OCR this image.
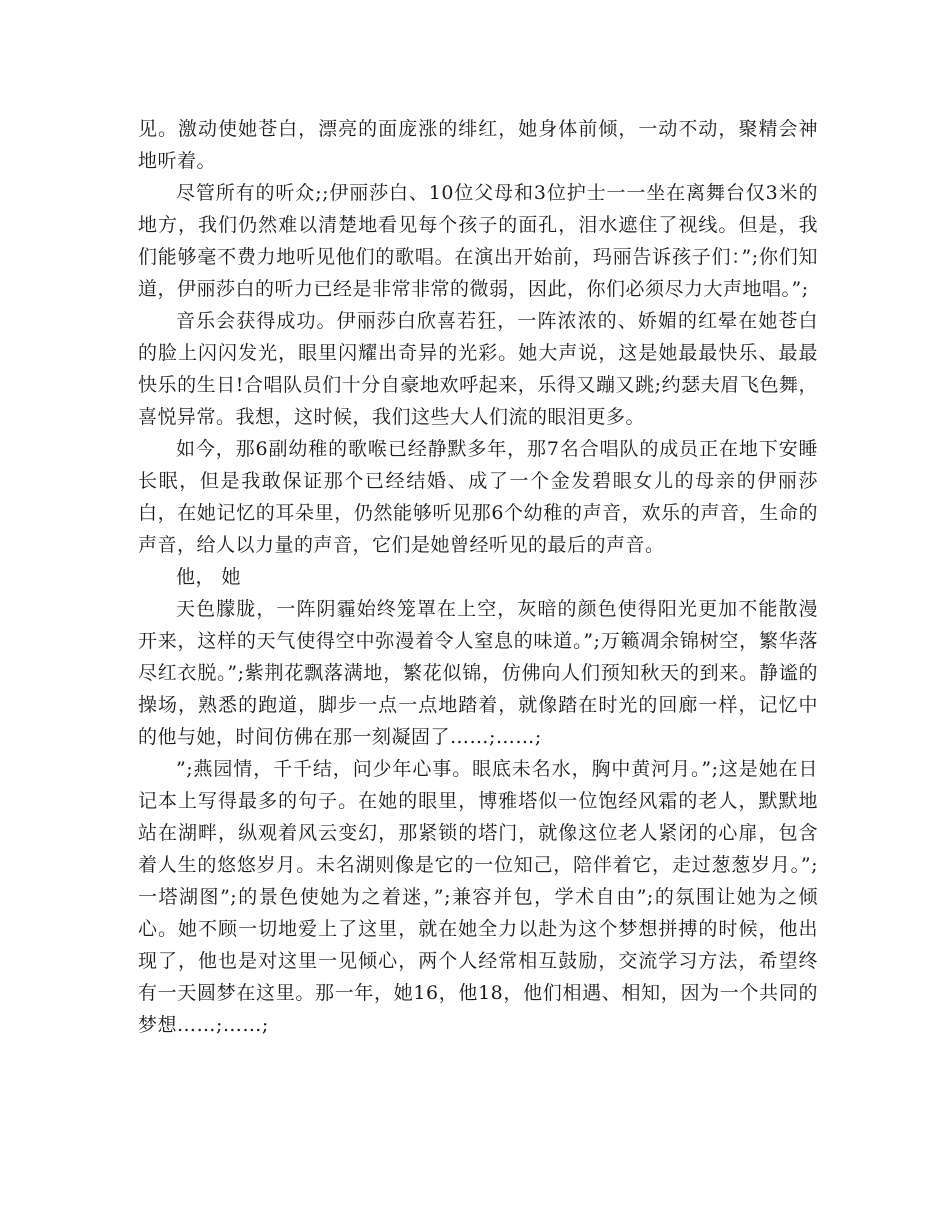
见。激动使她苍白，漂亮的面庞涨的绯红，她身体前倾，一动不动，聚精会神地听着。

尽管所有的听众;;伊丽莎白、10位父母和3位护士一一坐在离舞台仅3米的地方，我们仍然难以清楚地看见每个孩子的面孔，泪水遮住了视线。但是，我们能够毫不费力地听见他们的歌唱。在演出开始前，玛丽告诉孩子们：”;你们知道，伊丽莎白的听力已经是非常非常的微弱，因此，你们必须尽力大声地唱。”;

音乐会获得成功。伊丽莎白欣喜若狂，一阵浓浓的、娇媚的红晕在她苍白的脸上闪闪发光，眼里闪耀出奇异的光彩。她大声说，这是她最最快乐、最最快乐的生日!合唱队员们十分自豪地欢呼起来，乐得又蹦又跳;约瑟夫眉飞色舞，喜悦异常。我想，这时候，我们这些大人们流的眼泪更多。

如今，那6副幼稚的歌喉已经静默多年，那7名合唱队的成员正在地下安睡长眠，但是我敢保证那个已经结婚、成了一个金发碧眼女儿的母亲的伊丽莎白，在她记忆的耳朵里，仍然能够听见那6个幼稚的声音，欢乐的声音，生命的声音，给人以力量的声音，它们是她曾经听见的最后的声音。

他， 她

天色朦胧，一阵阴霾始终笼罩在上空，灰暗的颜色使得阳光更加不能散漫开来，这样的天气使得空中弥漫着令人窒息的味道。”;万籁凋余锦树空，繁华落尽红衣脱。”;紫荆花飘落满地，繁花似锦，仿佛向人们预知秋天的到来。静谧的操场，熟悉的跑道，脚步一点一点地踏着，就像踏在时光的回廊一样，记忆中的他与她，时间仿佛在那一刻凝固了……;……;

”;燕园情，千千结，问少年心事。眼底未名水，胸中黄河月。”;这是她在日记本上写得最多的句子。在她的眼里，博雅塔似一位饱经风霜的老人，默默地站在湖畔，纵观着风云变幻，那紧锁的塔门，就像这位老人紧闭的心扉，包含着人生的悠悠岁月。未名湖则像是它的一位知己，陪伴着它，走过葱葱岁月。”;一塔湖图”;的景色使她为之着迷，”;兼容并包，学术自由”;的氛围让她为之倾心。她不顾一切地爱上了这里，就在她全力以赴为这个梦想拼搏的时候，他出现了，他也是对这里一见倾心，两个人经常相互鼓励，交流学习方法，希望终有一天圆梦在这里。那一年，她16，他18，他们相遇、相知，因为一个共同的梦想……;……;
